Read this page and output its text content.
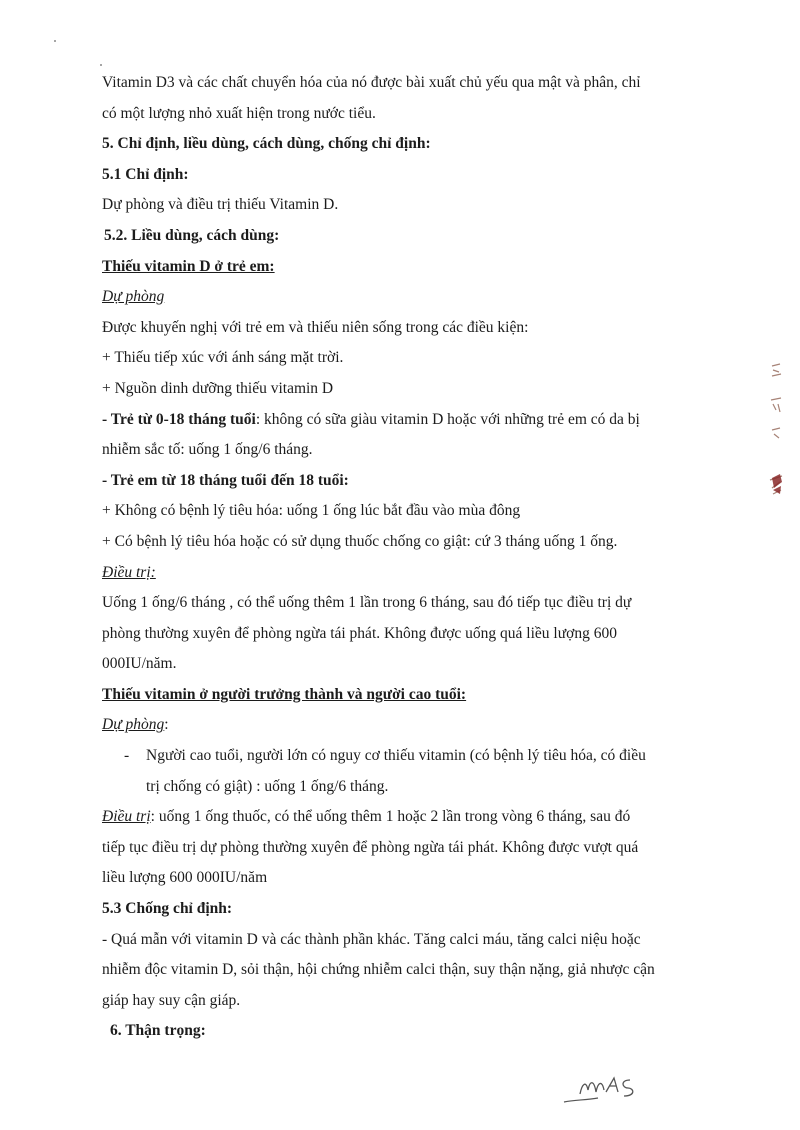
Vitamin D3 và các chất chuyển hóa của nó được bài xuất chủ yếu qua mật và phân, chỉ

có một lượng nhỏ xuất hiện trong nước tiểu.

5. Chỉ định, liều dùng, cách dùng, chống chỉ định:

5.1 Chỉ định:

Dự phòng và điều trị thiếu Vitamin D.

5.2. Liều dùng, cách dùng:

Thiếu vitamin D ở trẻ em:

Dự phòng

Được khuyến nghị với trẻ em và thiếu niên sống trong các điều kiện:

+ Thiếu tiếp xúc với ánh sáng mặt trời.

+ Nguồn dinh dưỡng thiếu vitamin D

- Trẻ từ 0-18 tháng tuổi: không có sữa giàu vitamin D hoặc với những trẻ em có da bị

nhiễm sắc tố: uống 1 ống/6 tháng.

- Trẻ em từ 18 tháng tuổi đến 18 tuổi:

+ Không có bệnh lý tiêu hóa: uống 1 ống lúc bắt đầu vào mùa đông

+ Có bệnh lý tiêu hóa hoặc có sử dụng thuốc chống co giật: cứ 3 tháng uống 1 ống.

Điều trị:

Uống 1 ống/6 tháng , có thể uống thêm 1 lần trong 6 tháng, sau đó tiếp tục điều trị dự

phòng thường xuyên để phòng ngừa tái phát. Không được uống quá liều lượng 600

000IU/năm.

Thiếu vitamin ở người trưởng thành và người cao tuổi:

Dự phòng:

-	Người cao tuổi, người lớn có nguy cơ thiếu vitamin (có bệnh lý tiêu hóa, có điều

trị chống có giật) : uống 1 ống/6 tháng.

Điều trị: uống 1 ống thuốc, có thể uống thêm 1 hoặc 2 lần trong vòng 6 tháng, sau đó

tiếp tục điều trị dự phòng thường xuyên để phòng ngừa tái phát. Không được vượt quá

liều lượng 600 000IU/năm

5.3 Chống chỉ định:

- Quá mẫn với vitamin D và các thành phần khác. Tăng calci máu, tăng calci niệu hoặc

nhiễm độc vitamin D, sỏi thận, hội chứng nhiễm calci thận, suy thận nặng, giả nhược cận

giáp hay suy cận giáp.

6. Thận trọng:
